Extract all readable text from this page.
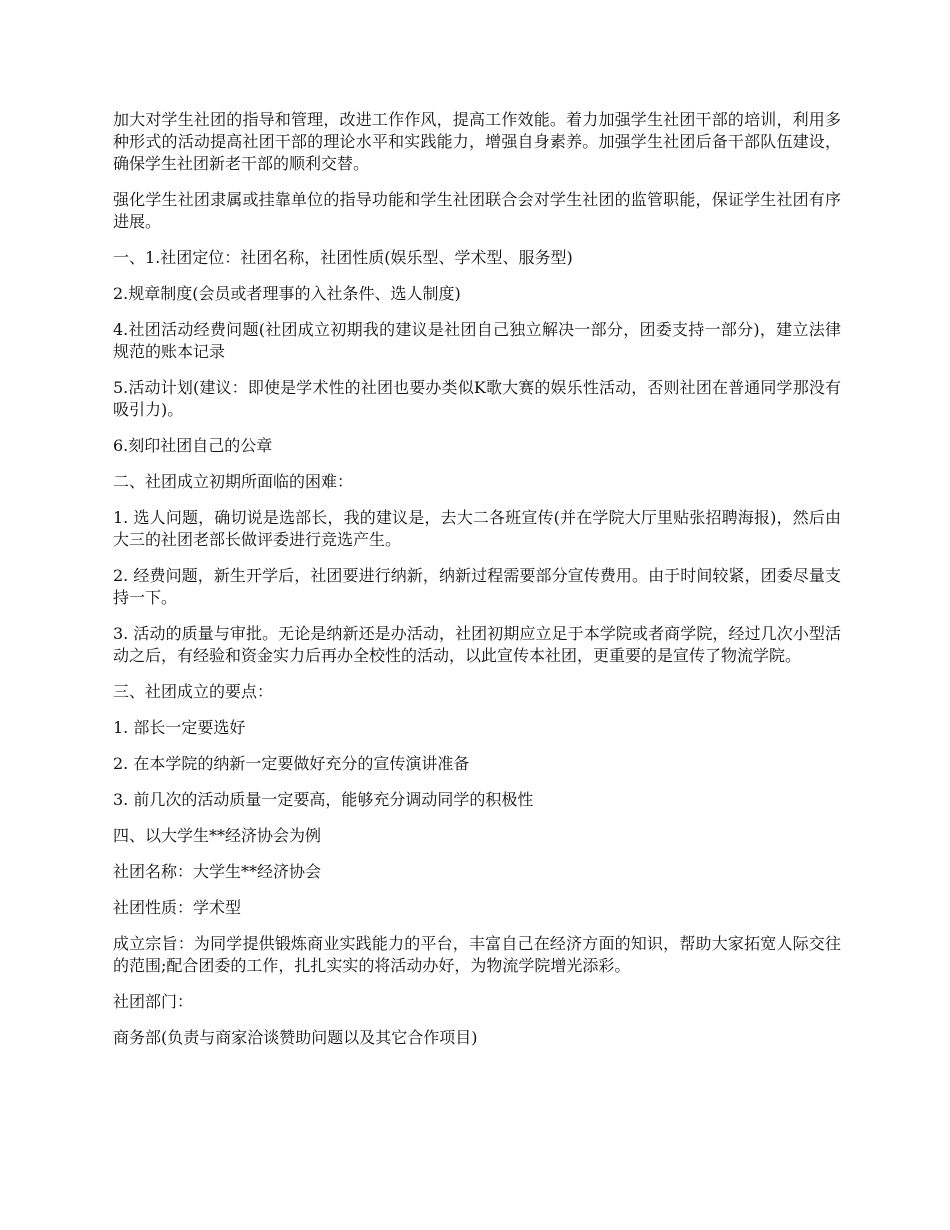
加大对学生社团的指导和管理，改进工作作风，提高工作效能。着力加强学生社团干部的培训，利用多种形式的活动提高社团干部的理论水平和实践能力，增强自身素养。加强学生社团后备干部队伍建设，确保学生社团新老干部的顺利交替。

强化学生社团隶属或挂靠单位的指导功能和学生社团联合会对学生社团的监管职能，保证学生社团有序进展。

一、1.社团定位：社团名称，社团性质(娱乐型、学术型、服务型)

2.规章制度(会员或者理事的入社条件、选人制度)

4.社团活动经费问题(社团成立初期我的建议是社团自己独立解决一部分，团委支持一部分)，建立法律规范的账本记录

5.活动计划(建议：即使是学术性的社团也要办类似K歌大赛的娱乐性活动，否则社团在普通同学那没有吸引力)。

6.刻印社团自己的公章

二、社团成立初期所面临的困难：

1. 选人问题，确切说是选部长，我的建议是，去大二各班宣传(并在学院大厅里贴张招聘海报)，然后由大三的社团老部长做评委进行竞选产生。

2. 经费问题，新生开学后，社团要进行纳新，纳新过程需要部分宣传费用。由于时间较紧，团委尽量支持一下。

3. 活动的质量与审批。无论是纳新还是办活动，社团初期应立足于本学院或者商学院，经过几次小型活动之后，有经验和资金实力后再办全校性的活动，以此宣传本社团，更重要的是宣传了物流学院。

三、社团成立的要点：

1. 部长一定要选好

2. 在本学院的纳新一定要做好充分的宣传演讲准备

3. 前几次的活动质量一定要高，能够充分调动同学的积极性

四、以大学生**经济协会为例

社团名称：大学生**经济协会

社团性质：学术型

成立宗旨：为同学提供锻炼商业实践能力的平台，丰富自己在经济方面的知识，帮助大家拓宽人际交往的范围;配合团委的工作，扎扎实实的将活动办好，为物流学院增光添彩。

社团部门：

商务部(负责与商家洽谈赞助问题以及其它合作项目)
